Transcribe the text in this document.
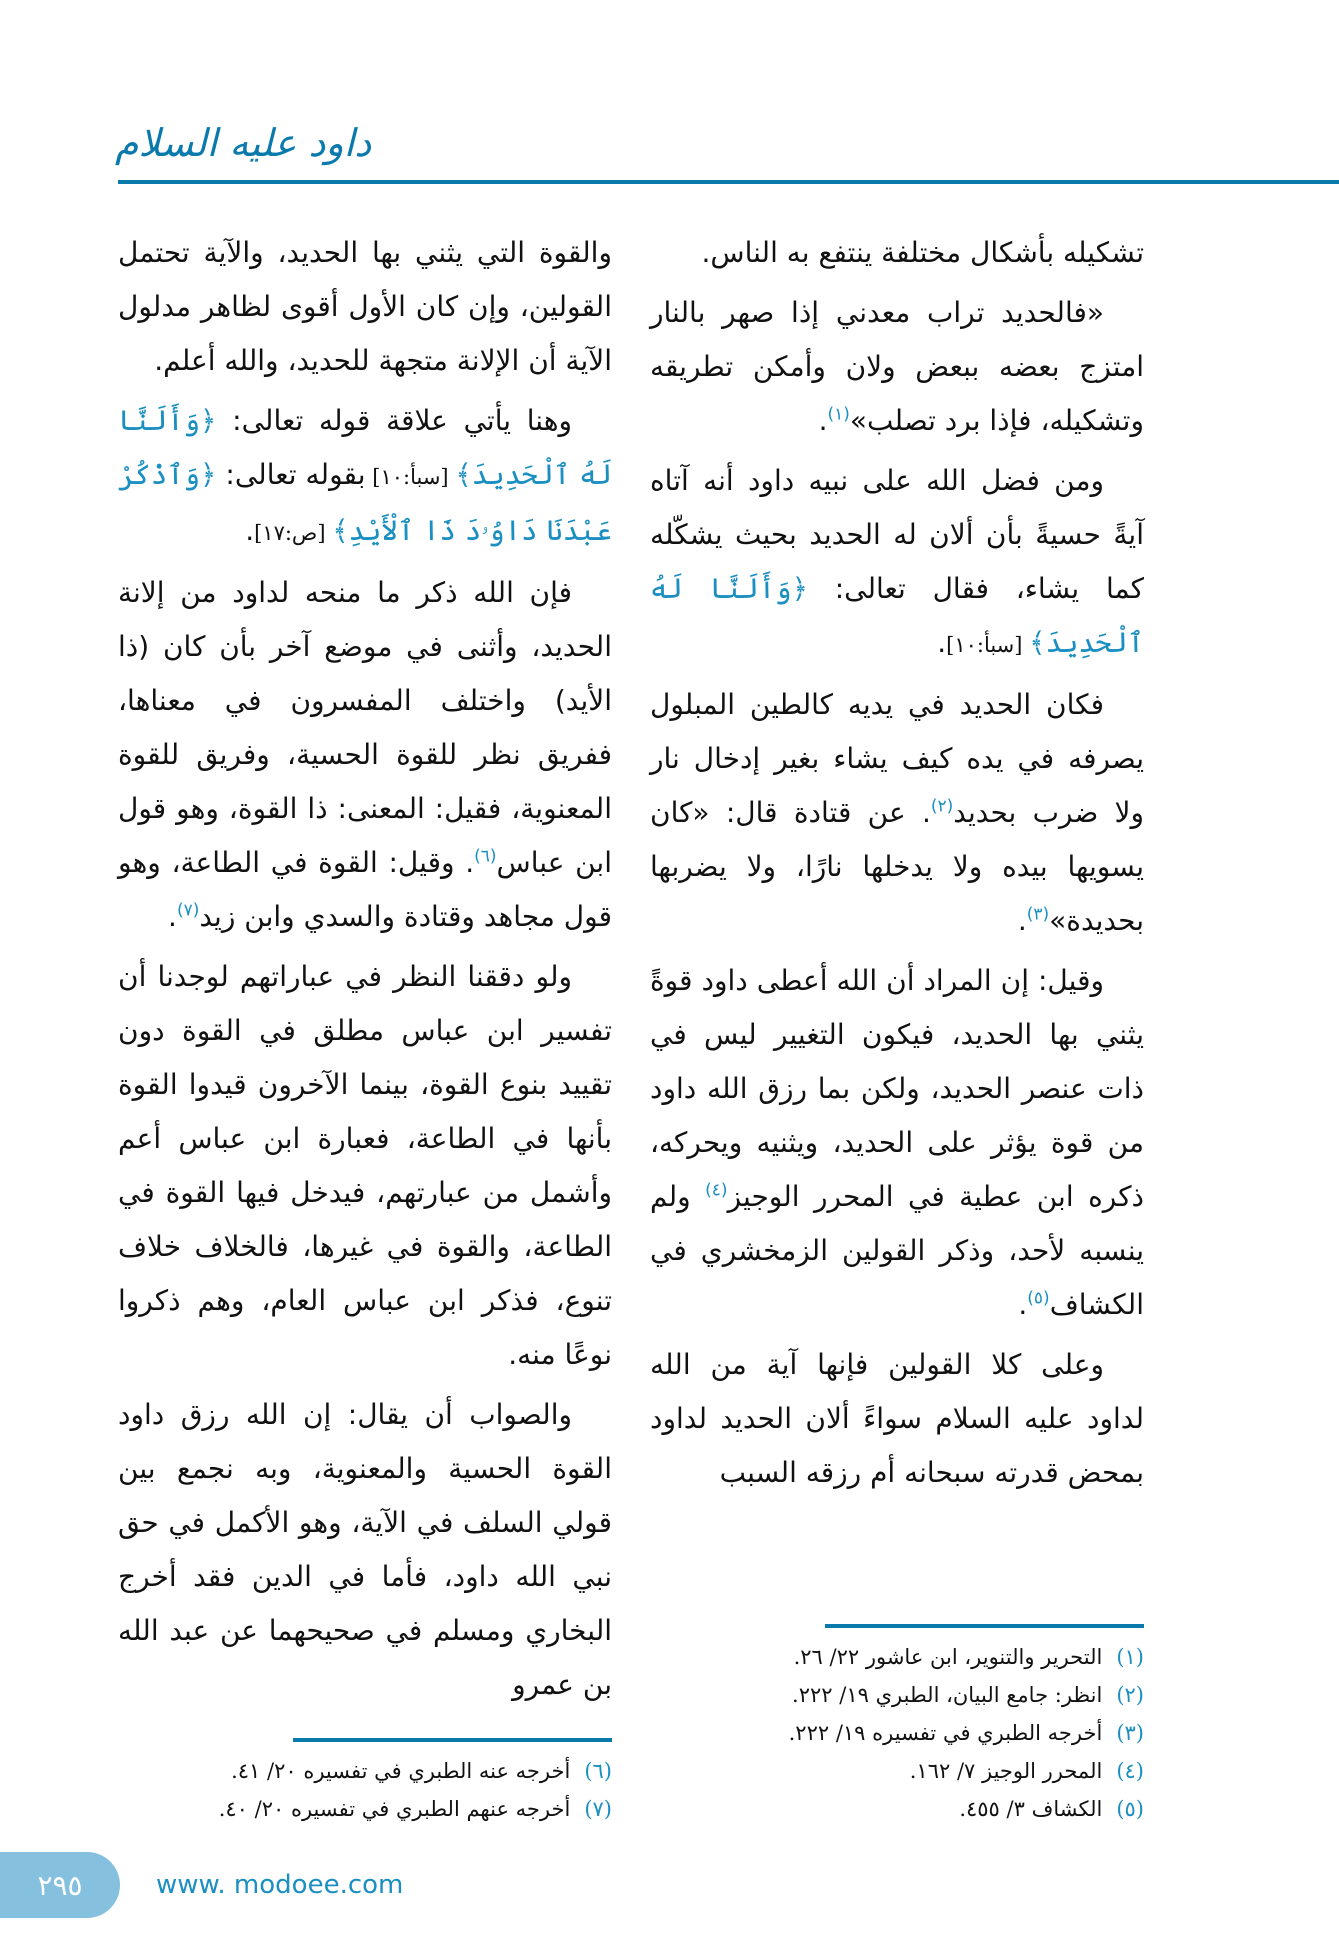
داود عليه السلام

والقوة التي يثني بها الحديد، والآية تحتمل القولين، وإن كان الأول أقوى لظاهر مدلول الآية أن الإلانة متجهة للحديد، والله أعلم.

وهنا يأتي علاقة قوله تعالى: ﴿وَأَلَنَّا لَهُ ٱلْحَدِيدَ﴾ [سبأ:١٠] بقوله تعالى: ﴿وَٱذْكُرْ عَبْدَنَا دَاوُۥدَ ذَا ٱلْأَيْدِ﴾ [ص:١٧].

فإن الله ذكر ما منحه لداود من إلانة الحديد، وأثنى في موضع آخر بأن كان (ذا الأيد) واختلف المفسرون في معناها، ففريق نظر للقوة الحسية، وفريق للقوة المعنوية، فقيل: المعنى: ذا القوة، وهو قول ابن عباس$^{(٦)}$. وقيل: القوة في الطاعة، وهو قول مجاهد وقتادة والسدي وابن زيد$^{(٧)}$.

ولو دققنا النظر في عباراتهم لوجدنا أن تفسير ابن عباس مطلق في القوة دون تقييد بنوع القوة، بينما الآخرون قيدوا القوة بأنها في الطاعة، فعبارة ابن عباس أعم وأشمل من عبارتهم، فيدخل فيها القوة في الطاعة، والقوة في غيرها، فالخلاف خلاف تنوع، فذكر ابن عباس العام، وهم ذكروا نوعًا منه.

والصواب أن يقال: إن الله رزق داود القوة الحسية والمعنوية، وبه نجمع بين قولي السلف في الآية، وهو الأكمل في حق نبي الله داود، فأما في الدين فقد أخرج البخاري ومسلم في صحيحهما عن عبد الله بن عمرو

(٦)أخرجه عنه الطبري في تفسيره ٢٠/ ٤١.
(٧)أخرجه عنهم الطبري في تفسيره ٢٠/ ٤٠.

تشكيله بأشكال مختلفة ينتفع به الناس.

«فالحديد تراب معدني إذا صهر بالنار امتزج بعضه ببعض ولان وأمكن تطريقه وتشكيله، فإذا برد تصلب»$^{(١)}$.

ومن فضل الله على نبيه داود أنه آتاه آيةً حسيةً بأن ألان له الحديد بحيث يشكّله كما يشاء، فقال تعالى: ﴿وَأَلَنَّا لَهُ ٱلْحَدِيدَ﴾ [سبأ:١٠].

فكان الحديد في يديه كالطين المبلول يصرفه في يده كيف يشاء بغير إدخال نار ولا ضرب بحديد$^{(٢)}$. عن قتادة قال: «كان يسويها بيده ولا يدخلها نارًا، ولا يضربها بحديدة»$^{(٣)}$.

وقيل: إن المراد أن الله أعطى داود قوةً يثني بها الحديد، فيكون التغيير ليس في ذات عنصر الحديد، ولكن بما رزق الله داود من قوة يؤثر على الحديد، ويثنيه ويحركه، ذكره ابن عطية في المحرر الوجيز$^{(٤)}$ ولم ينسبه لأحد، وذكر القولين الزمخشري في الكشاف$^{(٥)}$.

وعلى كلا القولين فإنها آية من الله لداود عليه السلام سواءً ألان الحديد لداود بمحض قدرته سبحانه أم رزقه السبب

(١)التحرير والتنوير، ابن عاشور ٢٢/ ٢٦.
(٢)انظر: جامع البيان، الطبري ١٩/ ٢٢٢.
(٣)أخرجه الطبري في تفسيره ١٩/ ٢٢٢.
(٤)المحرر الوجيز ٧/ ١٦٢.
(٥)الكشاف ٣/ ٤٥٥.
٢٩٥	www. modoee.com
